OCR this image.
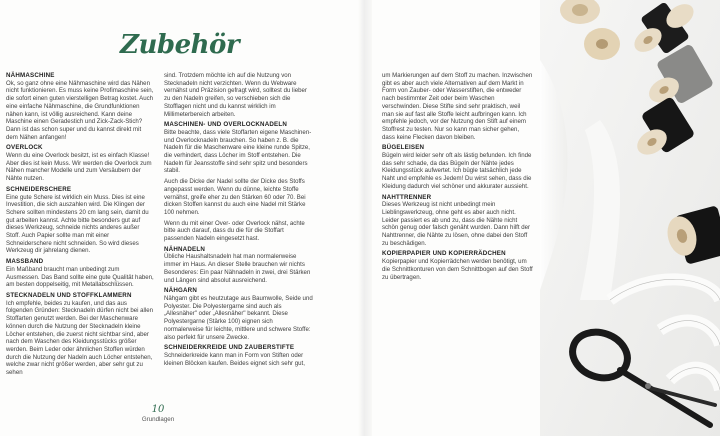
Zubehör
NÄHMASCHINE
Ok, so ganz ohne eine Nähmaschine wird das Nähen nicht funktionieren. Es muss keine Profimaschine sein, die sofort einen guten vierstelligen Betrag kostet. Auch eine einfache Nähmaschine, die Grundfunktionen nähen kann, ist völlig ausreichend. Kann deine Maschine einen Geradestich und Zick-Zack-Stich? Dann ist das schon super und du kannst direkt mit dem Nähen anfangen!
OVERLOCK
Wenn du eine Overlock besitzt, ist es einfach Klasse! Aber dies ist kein Muss. Wir werden die Overlock zum Nähen mancher Modelle und zum Versäubern der Nähte nutzen.
SCHNEIDERSCHERE
Eine gute Schere ist wirklich ein Muss. Dies ist eine Investition, die sich auszahlen wird. Die Klingen der Schere sollten mindestens 20 cm lang sein, damit du gut arbeiten kannst. Achte bitte besonders gut auf dieses Werkzeug, schneide nichts anderes außer Stoff. Auch Papier sollte man mit einer Schneiderschere nicht schneiden. So wird dieses Werkzeug dir jahrelang dienen.
MASSBAND
Ein Maßband braucht man unbedingt zum Ausmessen. Das Band sollte eine gute Qualität haben, am besten doppelseitig, mit Metallabschlüssen.
STECKNADELN UND STOFFKLAMMERN
Ich empfehle, beides zu kaufen, und das aus folgenden Gründen: Stecknadeln dürfen nicht bei allen Stoffarten genutzt werden. Bei der Maschenware können durch die Nutzung der Stecknadeln kleine Löcher entstehen, die zuerst nicht sichtbar sind, aber nach dem Waschen des Kleidungsstücks größer werden. Beim Leder oder ähnlichen Stoffen würden durch die Nutzung der Nadeln auch Löcher entstehen, welche zwar nicht größer werden, aber sehr gut zu sehen
sind. Trotzdem möchte ich auf die Nutzung von Stecknadeln nicht verzichten. Wenn du Webware vernähst und Präzision gefragt wird, solltest du lieber zu den Nadeln greifen, so verschieben sich die Stofflagen nicht und du kannst wirklich im Millimeterbereich arbeiten.
MASCHINEN- UND OVERLOCKNADELN
Bitte beachte, dass viele Stoffarten eigene Maschinen- und Overlocknadeln brauchen. So haben z. B. die Nadeln für die Maschenware eine kleine runde Spitze, die verhindert, dass Löcher im Stoff entstehen. Die Nadeln für Jeansstoffe sind sehr spitz und besonders stabil.
Auch die Dicke der Nadel sollte der Dicke des Stoffs angepasst werden. Wenn du dünne, leichte Stoffe vernähst, greife eher zu den Stärken 60 oder 70. Bei dicken Stoffen kannst du auch eine Nadel mit Stärke 100 nehmen.
Wenn du mit einer Over- oder Overlock nähst, achte bitte auch darauf, dass du die für die Stoffart passenden Nadeln eingesetzt hast.
NÄHNADELN
Übliche Haushaltsnadeln hat man normalerweise immer im Haus. An dieser Stelle brauchen wir nichts Besonderes: Ein paar Nähnadeln in zwei, drei Stärken und Längen sind absolut ausreichend.
NÄHGARN
Nähgarn gibt es heutzutage aus Baumwolle, Seide und Polyester. Die Polyestergarne sind auch als „Allesnäher" oder „Allesnäher" bekannt. Diese Polyestergarne (Stärke 100) eignen sich normalerweise für leichte, mittlere und schwere Stoffe: also perfekt für unsere Zwecke.
SCHNEIDERKREIDE UND ZAUBERSTIFTE
Schneiderkreide kann man in Form von Stiften oder kleinen Blöcken kaufen. Beides eignet sich sehr gut,
10
Grundlagen
um Markierungen auf dem Stoff zu machen. Inzwischen gibt es aber auch viele Alternativen auf dem Markt in Form von Zauber- oder Wasserstiften, die entweder nach bestimmter Zeit oder beim Waschen verschwinden. Diese Stifte sind sehr praktisch, weil man sie auf fast alle Stoffe leicht aufbringen kann. Ich empfehle jedoch, vor der Nutzung den Stift auf einem Stoffrest zu testen. Nur so kann man sicher gehen, dass keine Flecken davon bleiben.
BÜGELEISEN
Bügeln wird leider sehr oft als lästig befunden. Ich finde das sehr schade, da das Bügeln der Nähte jedes Kleidungsstück aufwertet. Ich bügle tatsächlich jede Naht und empfehle es Jedem! Du wirst sehen, dass die Kleidung dadurch viel schöner und akkurater aussieht.
NAHTTRENNER
Dieses Werkzeug ist nicht unbedingt mein Lieblingswerkzeug, ohne geht es aber auch nicht. Leider passiert es ab und zu, dass die Nähte nicht schön genug oder falsch genäht wurden. Dann hilft der Nahttrenner, die Nähte zu lösen, ohne dabei den Stoff zu beschädigen.
KOPIERPAPIER UND KOPIERRÄDCHEN
Kopierpapier und Kopierrädchen werden benötigt, um die Schnittkonturen von dem Schnittbogen auf den Stoff zu übertragen.
